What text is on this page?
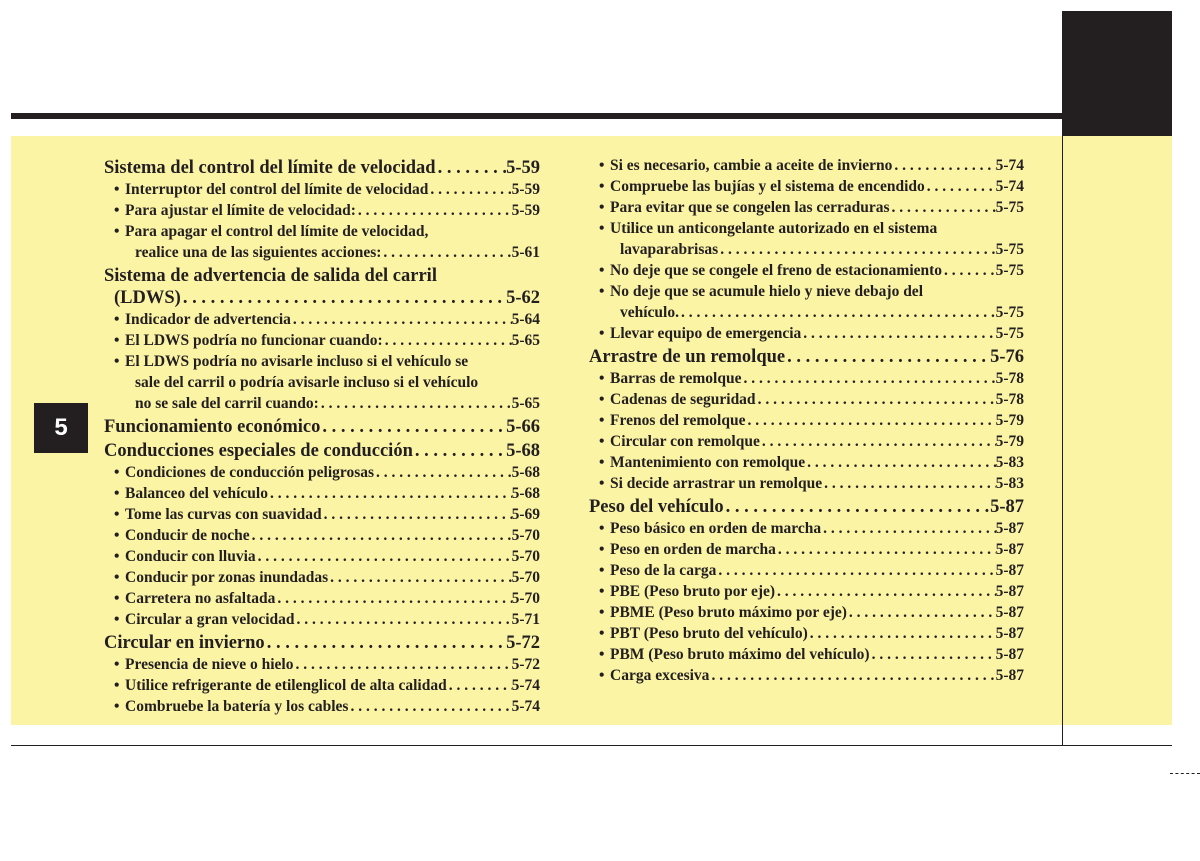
5
Sistema del control del límite de velocidad . . .	5-59
• Interruptor del control del límite de velocidad . . .	5-59
• Para ajustar el límite de velocidad: . . .	5-59
• Para apagar el control del límite de velocidad,
realice una de las siguientes acciones: . . .	5-61
Sistema de advertencia de salida del carril
(LDWS) . . .	5-62
• Indicador de advertencia . . .	5-64
• El LDWS podría no funcionar cuando: . . .	5-65
• El LDWS podría no avisarle incluso si el vehículo se
sale del carril o podría avisarle incluso si el vehículo
no se sale del carril cuando: . . .	5-65
Funcionamiento económico . . .	5-66
Conducciones especiales de conducción . . .	5-68
• Condiciones de conducción peligrosas . . .	5-68
• Balanceo del vehículo . . .	5-68
• Tome las curvas con suavidad . . .	5-69
• Conducir de noche . . .	5-70
• Conducir con lluvia . . .	5-70
• Conducir por zonas inundadas . . .	5-70
• Carretera no asfaltada . . .	5-70
• Circular a gran velocidad . . .	5-71
Circular en invierno . . .	5-72
• Presencia de nieve o hielo . . .	5-72
• Utilice refrigerante de etilenglicol de alta calidad . . .	5-74
• Combruebe la batería y los cables . . .	5-74
• Si es necesario, cambie a aceite de invierno . . .	5-74
• Compruebe las bujías y el sistema de encendido . . .	5-74
• Para evitar que se congelen las cerraduras . . .	5-75
• Utilice un anticongelante autorizado en el sistema
lavaparabrisas . . .	5-75
• No deje que se congele el freno de estacionamiento . . .	5-75
• No deje que se acumule hielo y nieve debajo del
vehículo. . . .	5-75
• Llevar equipo de emergencia . . .	5-75
Arrastre de un remolque . . .	5-76
• Barras de remolque . . .	5-78
• Cadenas de seguridad . . .	5-78
• Frenos del remolque . . .	5-79
• Circular con remolque . . .	5-79
• Mantenimiento con remolque . . .	5-83
• Si decide arrastrar un remolque . . .	5-83
Peso del vehículo . . .	5-87
• Peso básico en orden de marcha . . .	5-87
• Peso en orden de marcha . . .	5-87
• Peso de la carga . . .	5-87
• PBE (Peso bruto por eje) . . .	5-87
• PBME (Peso bruto máximo por eje) . . .	5-87
• PBT (Peso bruto del vehículo) . . .	5-87
• PBM (Peso bruto máximo del vehículo) . . .	5-87
• Carga excesiva . . .	5-87
